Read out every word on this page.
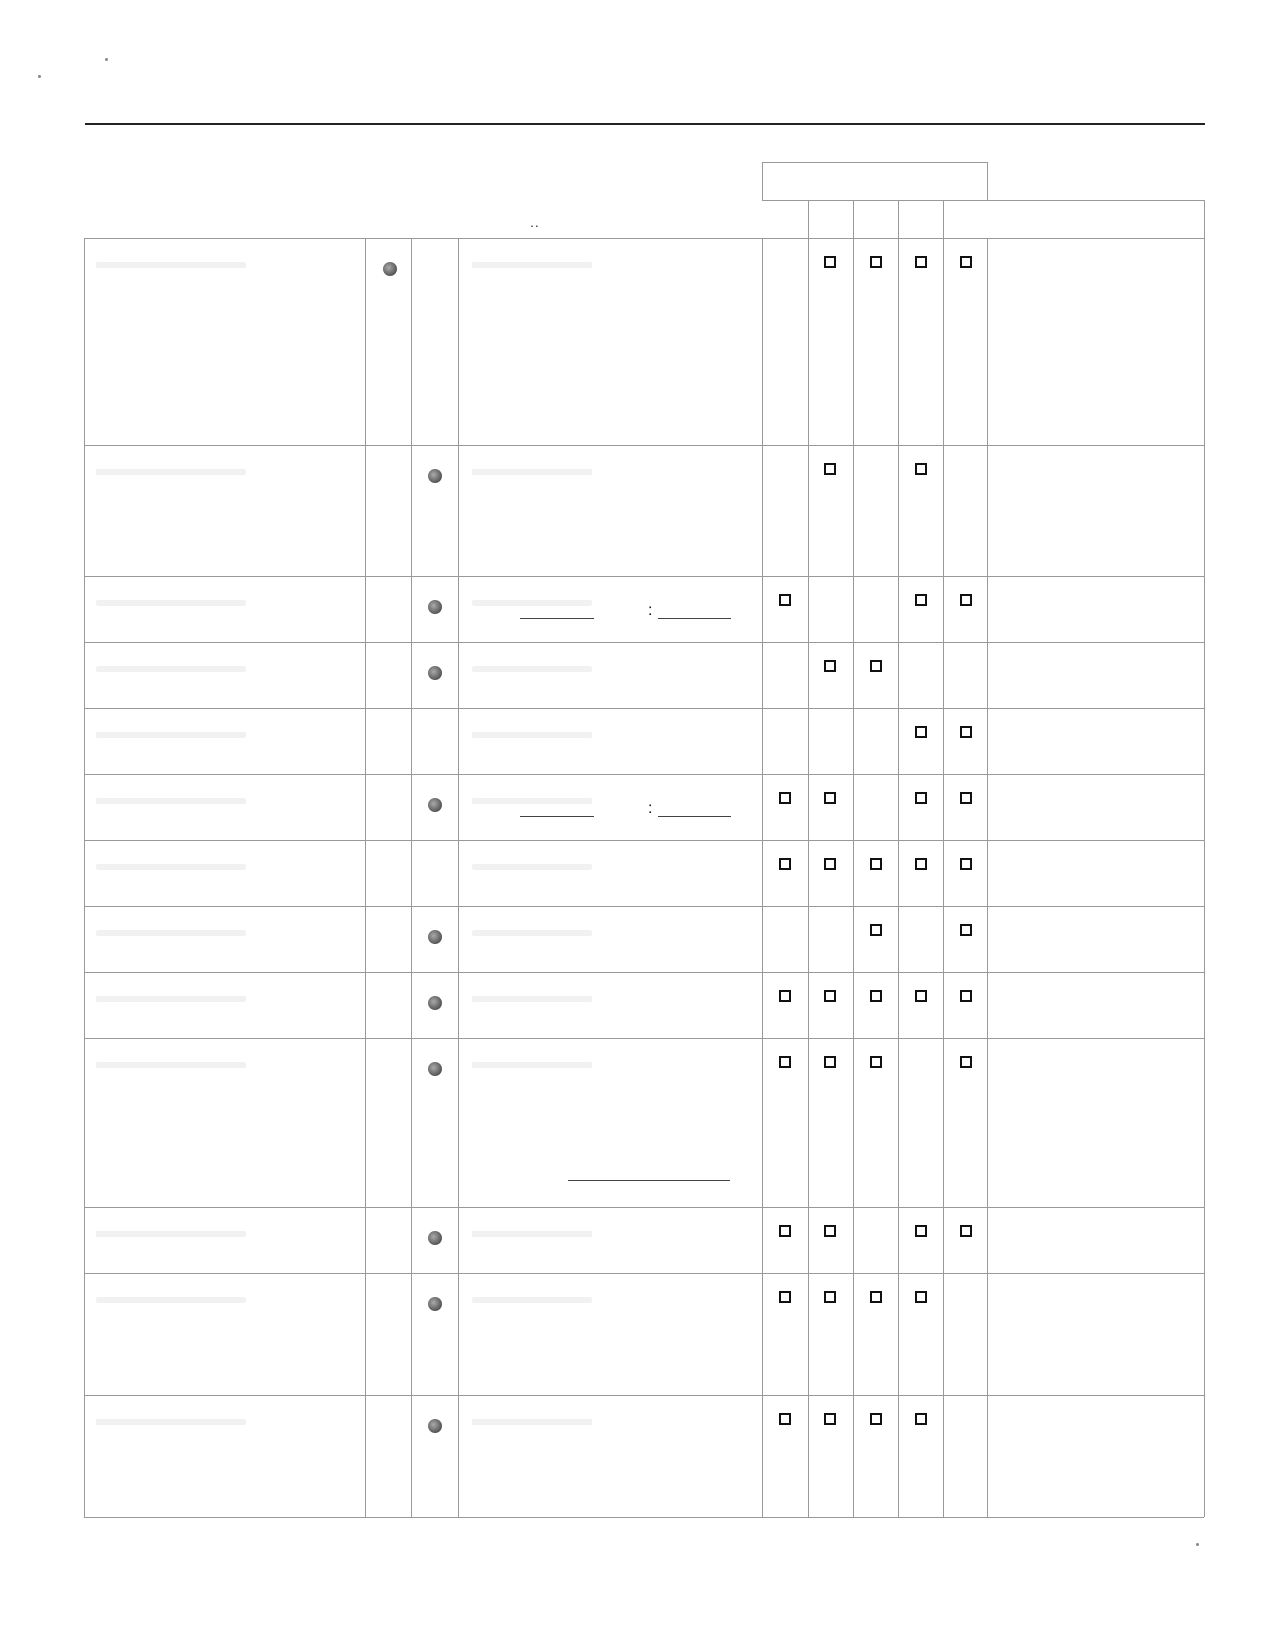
..
:
:
